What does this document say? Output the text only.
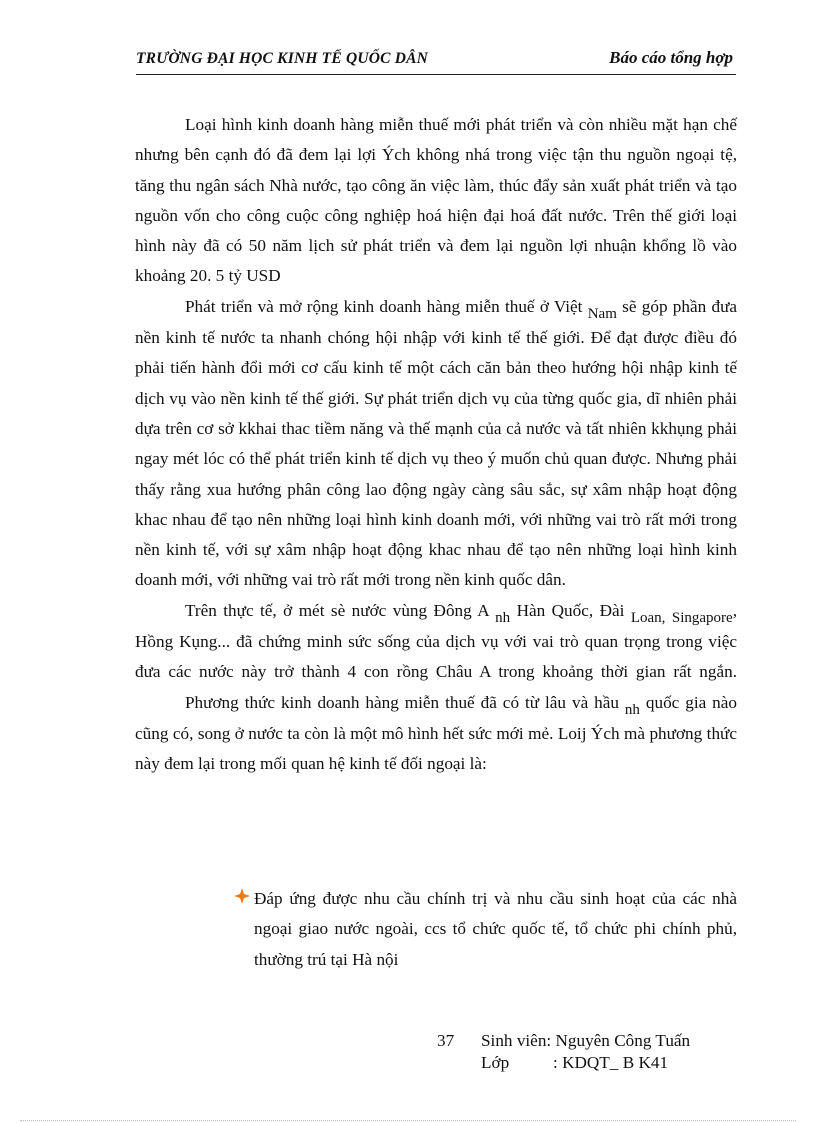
TRƯỜNG ĐẠI HỌC KINH TẾ QUỐC DÂN	Báo cáo tổng hợp

Loại hình kinh doanh hàng miễn thuế mới phát triển và còn nhiều mặt hạn chế nhưng bên cạnh đó đã đem lại lợi Ých không nhá trong việc tận thu nguồn ngoại tệ, tăng thu ngân sách Nhà nước, tạo công ăn việc làm, thúc đẩy sản xuất phát triển và tạo nguồn vốn cho công cuộc công nghiệp hoá hiện đại hoá đất nước. Trên thế giới loại hình này đã có 50 năm lịch sử phát triển và đem lại nguồn lợi nhuận khổng lồ vào khoảng 20. 5 tỷ USD

Phát triển và mở rộng kinh doanh hàng miễn thuế ở Việt Nam sẽ góp phần đưa nền kinh tế nước ta nhanh chóng hội nhập với kinh tế thế giới. Để đạt được điều đó phải tiến hành đổi mới cơ cấu kinh tế một cách căn bản theo hướng hội nhập kinh tế dịch vụ vào nền kinh tế thế giới. Sự phát triển dịch vụ của từng quốc gia, dĩ nhiên phải dựa trên cơ sở kkhai thac tiềm năng và thế mạnh của cả nước và tất nhiên kkhụng phải ngay mét lóc có thể phát triển kinh tế dịch vụ theo ý muốn chủ quan được. Nhưng phải thấy rằng xua hướng phân công lao động ngày càng sâu sắc, sự xâm nhập hoạt động khac nhau để tạo nên những loại hình kinh doanh mới, với những vai trò rất mới trong nền kinh tế, với sự xâm nhập hoạt động khac nhau để tạo nên những loại hình kinh doanh mới, với những vai trò rất mới trong nền kinh quốc dân.

Trên thực tế, ở mét sè nước vùng Đông A nh Hàn Quốc, Đài Loan, Singapore, Hồng Kụng... đã chứng minh sức sống của dịch vụ với vai trò quan trọng trong việc đưa các nước này trở thành 4 con rồng Châu A trong khoảng thời gian rất ngắn.

Phương thức kinh doanh hàng miễn thuế đã có từ lâu và hầu nh quốc gia nào cũng có, song ở nước ta còn là một mô hình hết sức mới mẻ. Loij Ých mà phương thức này đem lại trong mối quan hệ kinh tế đối ngoại là:

Đáp ứng được nhu cầu chính trị và nhu cầu sinh hoạt của các nhà ngoại giao nước ngoài, ccs tổ chức quốc tế, tổ chức phi chính phủ, thường trú tại Hà nội
37 Sinh viên: Nguyên Công Tuấn
Lớp	: KDQT_ B K41
